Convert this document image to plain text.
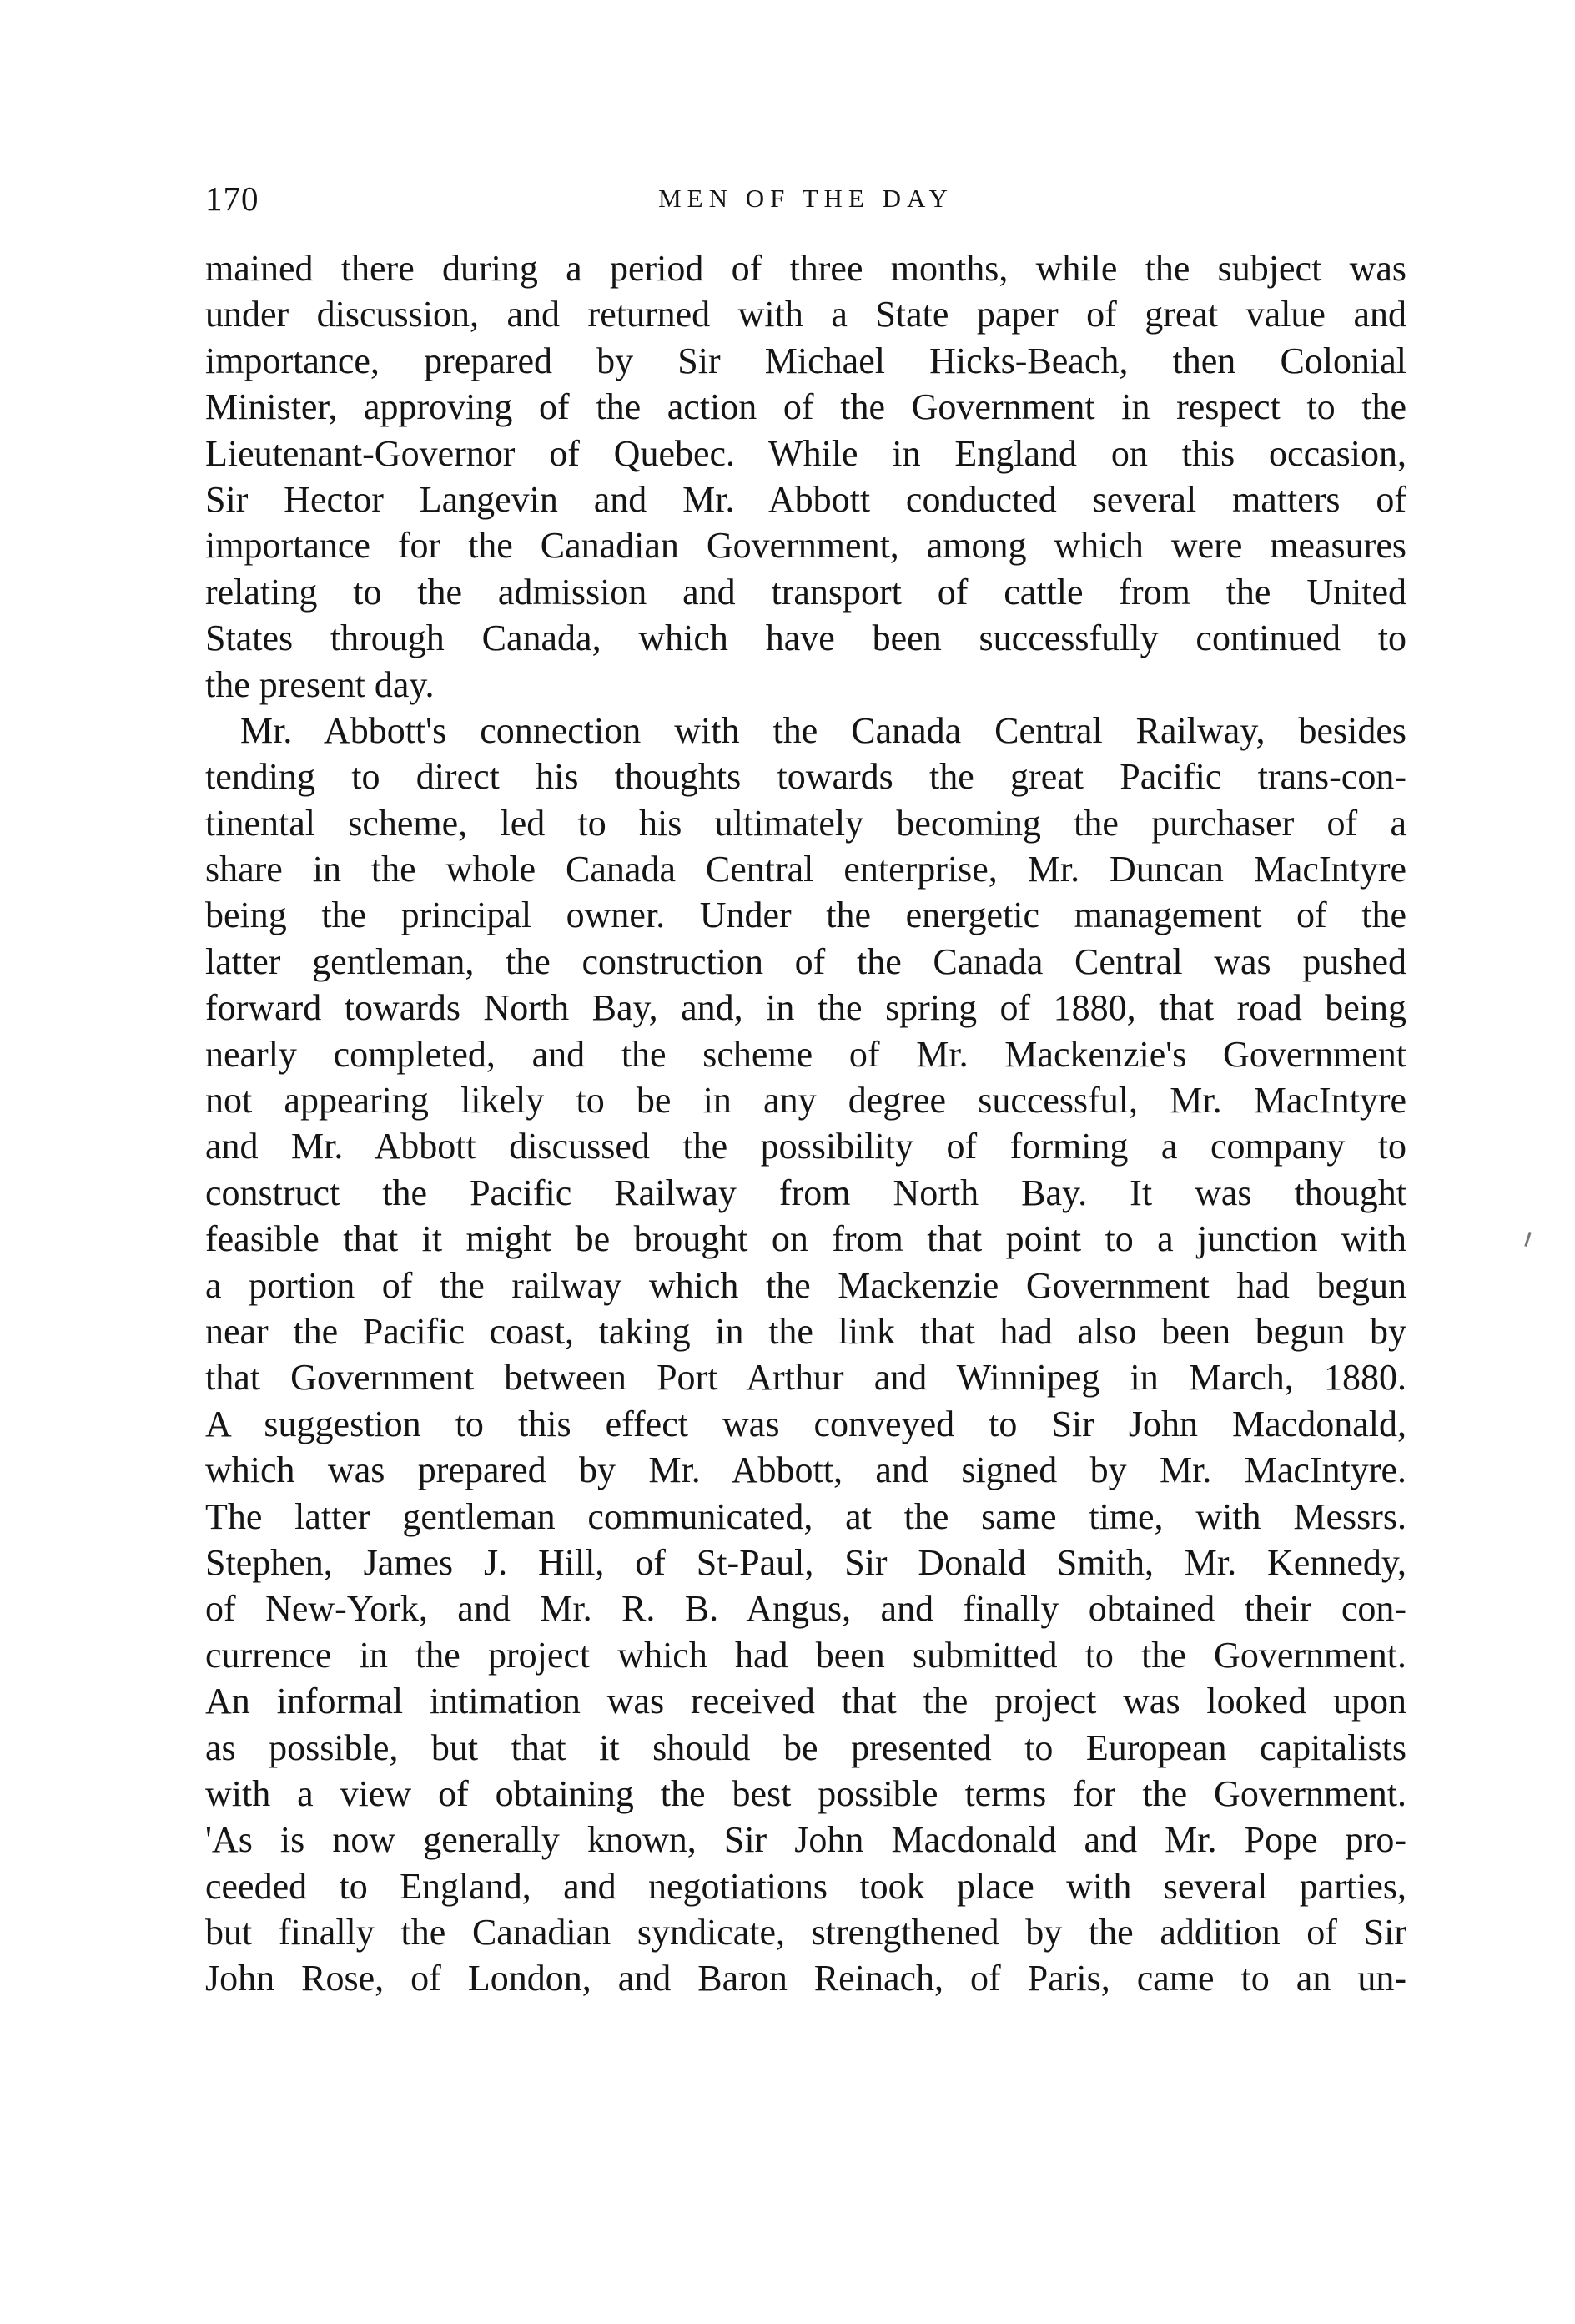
170	MEN OF THE DAY
mained there during a period of three months, while the subject was
under discussion, and returned with a State paper of great value and
importance, prepared by Sir Michael Hicks-Beach, then Colonial
Minister, approving of the action of the Government in respect to the
Lieutenant-Governor of Quebec. While in England on this occasion,
Sir Hector Langevin and Mr. Abbott conducted several matters of
importance for the Canadian Government, among which were measures
relating to the admission and transport of cattle from the United
States through Canada, which have been successfully continued to
the present day.
Mr. Abbott's connection with the Canada Central Railway, besides
tending to direct his thoughts towards the great Pacific trans-con-
tinental scheme, led to his ultimately becoming the purchaser of a
share in the whole Canada Central enterprise, Mr. Duncan MacIntyre
being the principal owner. Under the energetic management of the
latter gentleman, the construction of the Canada Central was pushed
forward towards North Bay, and, in the spring of 1880, that road being
nearly completed, and the scheme of Mr. Mackenzie's Government
not appearing likely to be in any degree successful, Mr. MacIntyre
and Mr. Abbott discussed the possibility of forming a company to
construct the Pacific Railway from North Bay. It was thought
feasible that it might be brought on from that point to a junction with
a portion of the railway which the Mackenzie Government had begun
near the Pacific coast, taking in the link that had also been begun by
that Government between Port Arthur and Winnipeg in March, 1880.
A suggestion to this effect was conveyed to Sir John Macdonald,
which was prepared by Mr. Abbott, and signed by Mr. MacIntyre.
The latter gentleman communicated, at the same time, with Messrs.
Stephen, James J. Hill, of St-Paul, Sir Donald Smith, Mr. Kennedy,
of New-York, and Mr. R. B. Angus, and finally obtained their con-
currence in the project which had been submitted to the Government.
An informal intimation was received that the project was looked upon
as possible, but that it should be presented to European capitalists
with a view of obtaining the best possible terms for the Government.
'As is now generally known, Sir John Macdonald and Mr. Pope pro-
ceeded to England, and negotiations took place with several parties,
but finally the Canadian syndicate, strengthened by the addition of Sir
John Rose, of London, and Baron Reinach, of Paris, came to an un-
